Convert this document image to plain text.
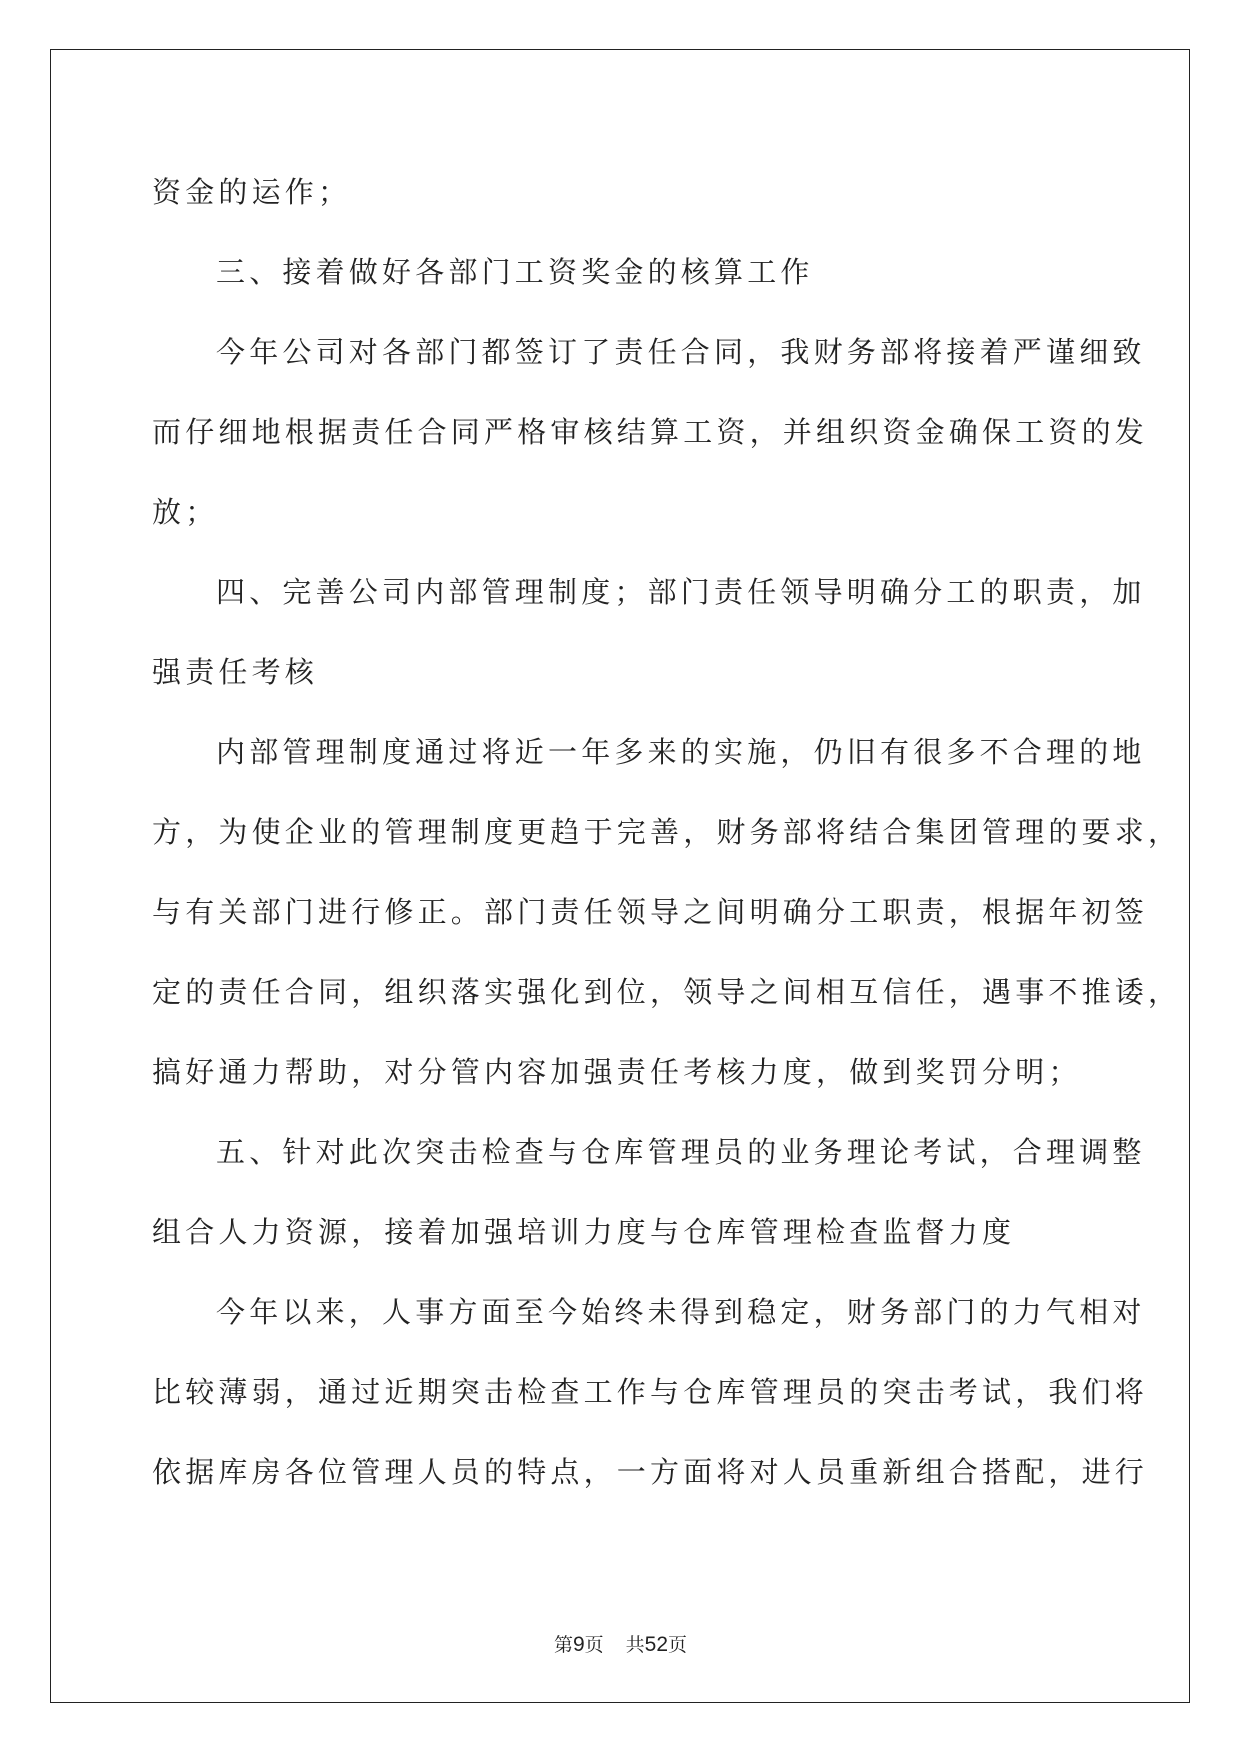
资金的运作；
三、接着做好各部门工资奖金的核算工作
今年公司对各部门都签订了责任合同，我财务部将接着严谨细致
而仔细地根据责任合同严格审核结算工资，并组织资金确保工资的发
放；
四、完善公司内部管理制度；部门责任领导明确分工的职责，加
强责任考核
内部管理制度通过将近一年多来的实施，仍旧有很多不合理的地
方，为使企业的管理制度更趋于完善，财务部将结合集团管理的要求，
与有关部门进行修正。部门责任领导之间明确分工职责，根据年初签
定的责任合同，组织落实强化到位，领导之间相互信任，遇事不推诿，
搞好通力帮助，对分管内容加强责任考核力度，做到奖罚分明；
五、针对此次突击检查与仓库管理员的业务理论考试，合理调整
组合人力资源，接着加强培训力度与仓库管理检查监督力度
今年以来，人事方面至今始终未得到稳定，财务部门的力气相对
比较薄弱，通过近期突击检查工作与仓库管理员的突击考试，我们将
依据库房各位管理人员的特点，一方面将对人员重新组合搭配，进行
第9页 共52页
